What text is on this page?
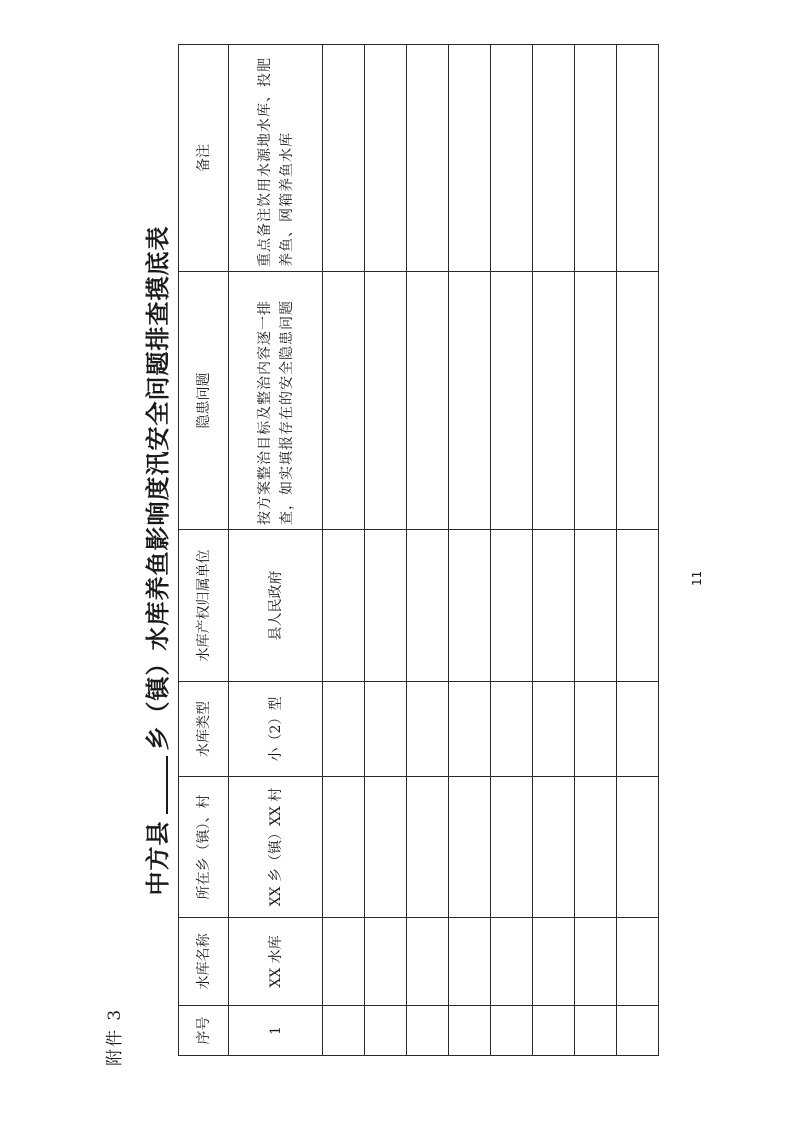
附件 3
中方县乡（镇）水库养鱼影响度汛安全问题排查摸底表
序号	水库名称	所在乡（镇）、村	水库类型	水库产权归属单位	隐患问题	备注
1	XX 水库	XX 乡（镇）XX 村	小（2）型	县人民政府	按方案整治目标及整治内容逐一排查，如实填报存在的安全隐患问题	重点备注饮用水源地水库、投肥养鱼、网箱养鱼水库

11
